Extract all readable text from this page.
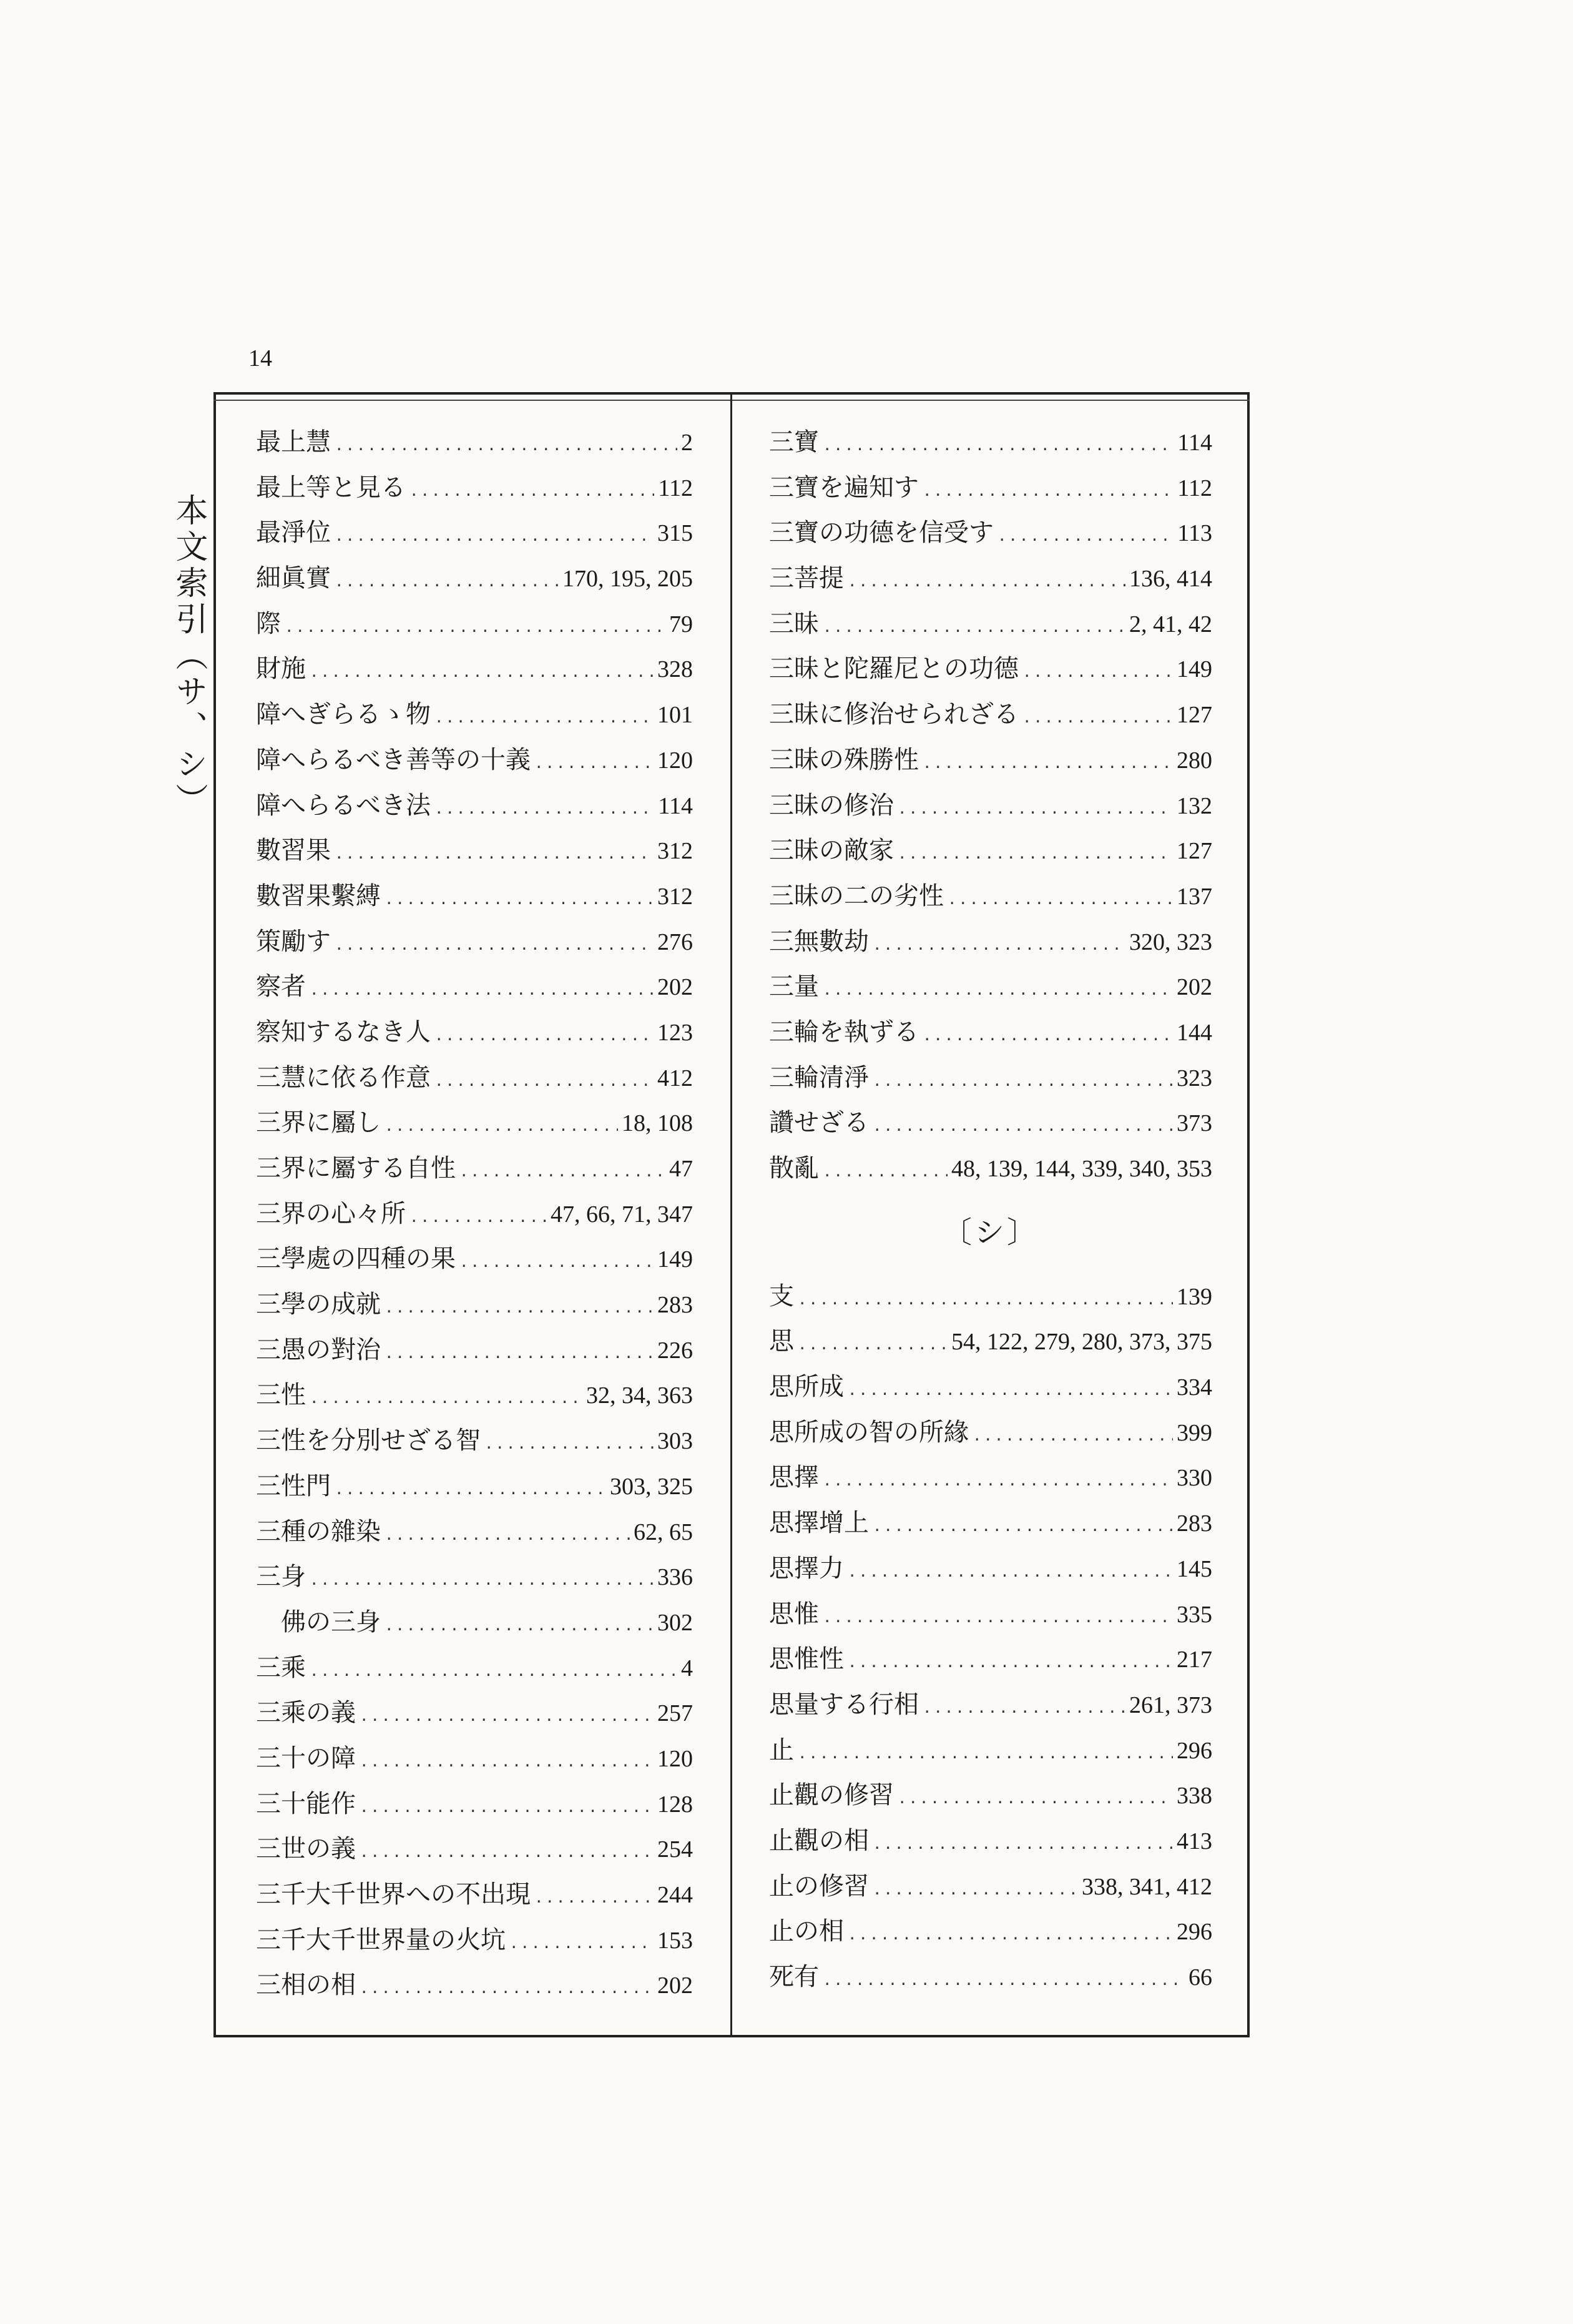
14
本文索引（サ、シ）
最上慧 .....	2
最上等と見る .....	112
最淨位 .....	315
細眞實 .....	170, 195, 205
際 .....	79
財施 .....	328
障へぎらるゝ物 .....	101
障へらるべき善等の十義 .....	120
障へらるべき法 .....	114
數習果 .....	312
數習果繫縛 .....	312
策勵す .....	276
察者 .....	202
察知するなき人 .....	123
三慧に依る作意 .....	412
三界に屬し .....	18, 108
三界に屬する自性 .....	47
三界の心々所 .....	47, 66, 71, 347
三學處の四種の果 .....	149
三學の成就 .....	283
三愚の對治 .....	226
三性 .....	32, 34, 363
三性を分別せざる智 .....	303
三性門 .....	303, 325
三種の雜染 .....	62, 65
三身 .....	336
佛の三身 .....	302
三乘 .....	4
三乘の義 .....	257
三十の障 .....	120
三十能作 .....	128
三世の義 .....	254
三千大千世界への不出現 .....	244
三千大千世界量の火坑 .....	153
三相の相 .....	202
三寶 .....	114
三寶を遍知す .....	112
三寶の功德を信受す .....	113
三菩提 .....	136, 414
三昧 .....	2, 41, 42
三昧と陀羅尼との功德 .....	149
三昧に修治せられざる .....	127
三昧の殊勝性 .....	280
三昧の修治 .....	132
三昧の敵家 .....	127
三昧の二の劣性 .....	137
三無數劫 .....	320, 323
三量 .....	202
三輪を執ずる .....	144
三輪清淨 .....	323
讚せざる .....	373
散亂 .....	48, 139, 144, 339, 340, 353
〔シ〕
支 .....	139
思 .....	54, 122, 279, 280, 373, 375
思所成 .....	334
思所成の智の所緣 .....	399
思擇 .....	330
思擇增上 .....	283
思擇力 .....	145
思惟 .....	335
思惟性 .....	217
思量する行相 .....	261, 373
止 .....	296
止觀の修習 .....	338
止觀の相 .....	413
止の修習 .....	338, 341, 412
止の相 .....	296
死有 .....	66
